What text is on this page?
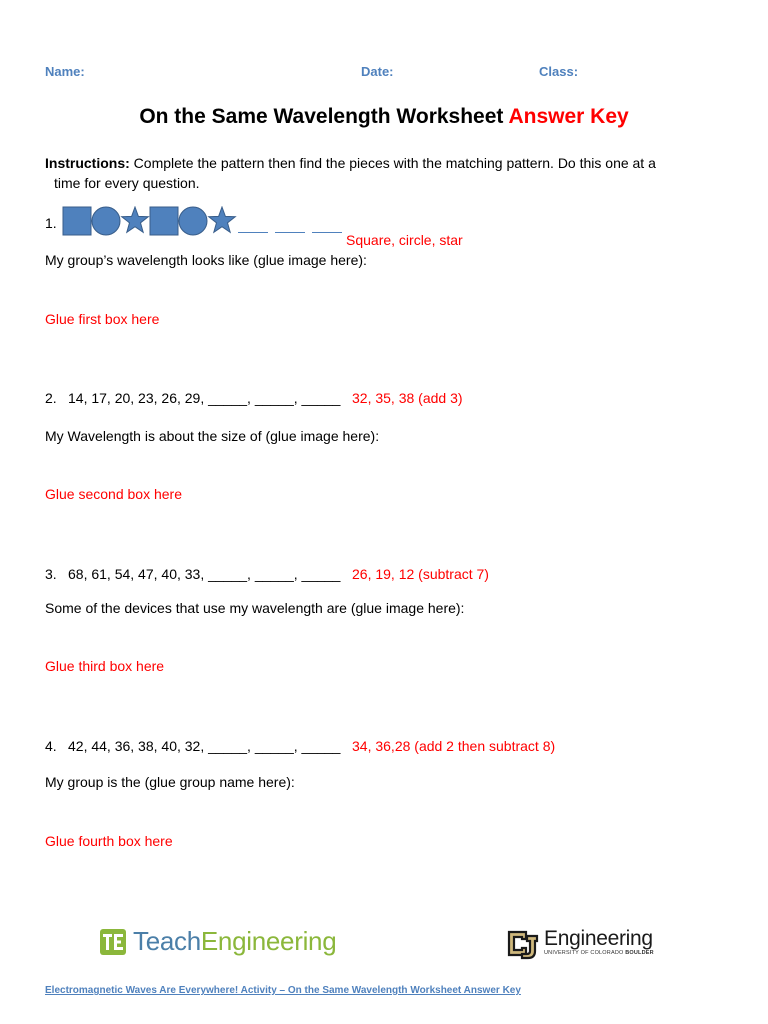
Name:	Date:	Class:
On the Same Wavelength Worksheet Answer Key
Instructions: Complete the pattern then find the pieces with the matching pattern. Do this one at a
time for every question.
1.
Square, circle, star
My group’s wavelength looks like (glue image here):
Glue first box here
2. 14, 17, 20, 23, 26, 29, _____, _____, _____ 32, 35, 38 (add 3)
My Wavelength is about the size of (glue image here):
Glue second box here
3. 68, 61, 54, 47, 40, 33, _____, _____, _____ 26, 19, 12 (subtract 7)
Some of the devices that use my wavelength are (glue image here):
Glue third box here
4. 42, 44, 36, 38, 40, 32, _____, _____, _____ 34, 36,28 (add 2 then subtract 8)
My group is the (glue group name here):
Glue fourth box here
TeachEngineering	Engineering
UNIVERSITY OF COLORADO BOULDER
Electromagnetic Waves Are Everywhere! Activity – On the Same Wavelength Worksheet Answer Key
